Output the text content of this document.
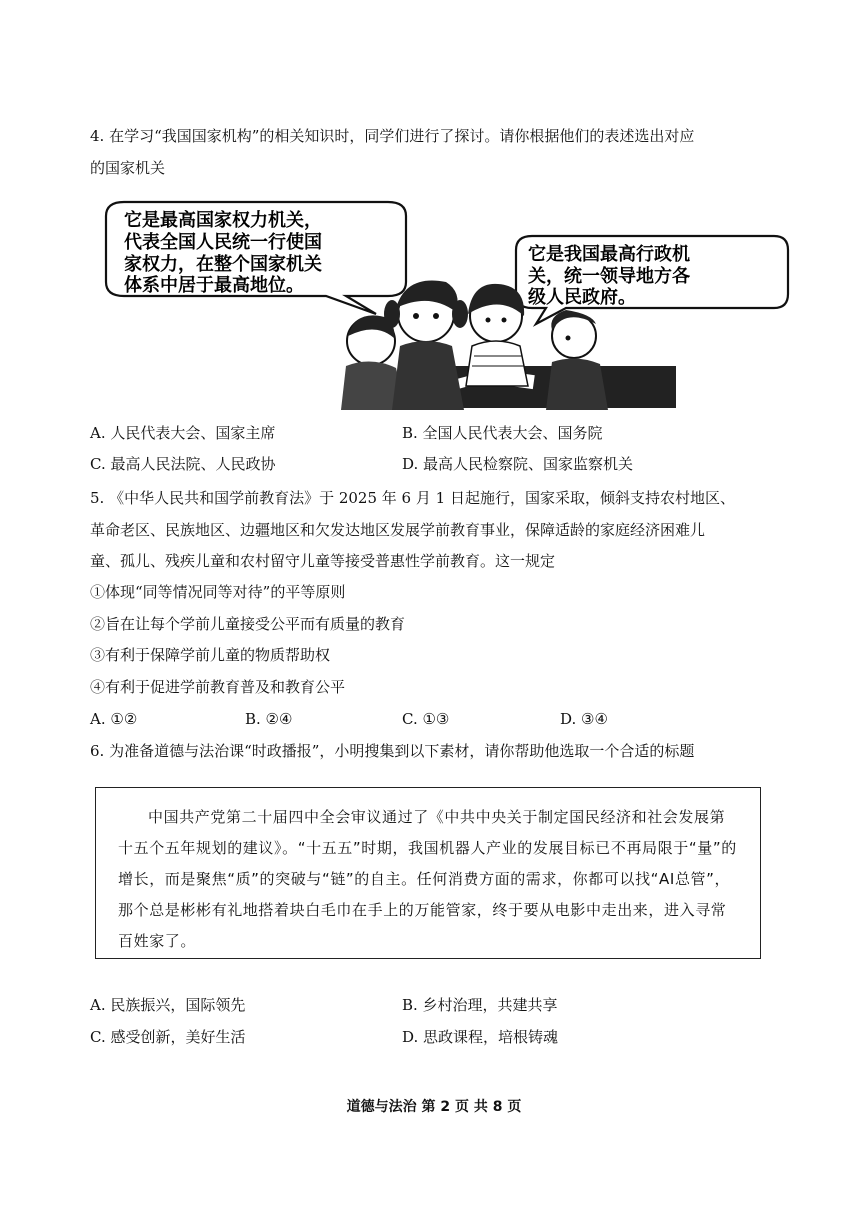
4. 在学习“我国国家机构”的相关知识时，同学们进行了探讨。请你根据他们的表述选出对应
的国家机关
它是最高国家权力机关，
代表全国人民统一行使国
家权力，在整个国家机关
体系中居于最高地位。
它是我国最高行政机
关，统一领导地方各
级人民政府。
A. 人民代表大会、国家主席	B. 全国人民代表大会、国务院
C. 最高人民法院、人民政协	D. 最高人民检察院、国家监察机关
5. 《中华人民共和国学前教育法》于 2025 年 6 月 1 日起施行，国家采取，倾斜支持农村地区、
革命老区、民族地区、边疆地区和欠发达地区发展学前教育事业，保障适龄的家庭经济困难儿
童、孤儿、残疾儿童和农村留守儿童等接受普惠性学前教育。这一规定
①体现“同等情况同等对待”的平等原则
②旨在让每个学前儿童接受公平而有质量的教育
③有利于保障学前儿童的物质帮助权
④有利于促进学前教育普及和教育公平
A. ①②	B. ②④	C. ①③	D. ③④
6. 为准备道德与法治课“时政播报”，小明搜集到以下素材，请你帮助他选取一个合适的标题

中国共产党第二十届四中全会审议通过了《中共中央关于制定国民经济和社会发展第十五个五年规划的建议》。“十五五”时期，我国机器人产业的发展目标已不再局限于“量”的增长，而是聚焦“质”的突破与“链”的自主。任何消费方面的需求，你都可以找“AI总管”，那个总是彬彬有礼地搭着块白毛巾在手上的万能管家，终于要从电影中走出来，进入寻常百姓家了。

A. 民族振兴，国际领先	B. 乡村治理，共建共享
C. 感受创新，美好生活	D. 思政课程，培根铸魂
道德与法治 第 2 页 共 8 页
